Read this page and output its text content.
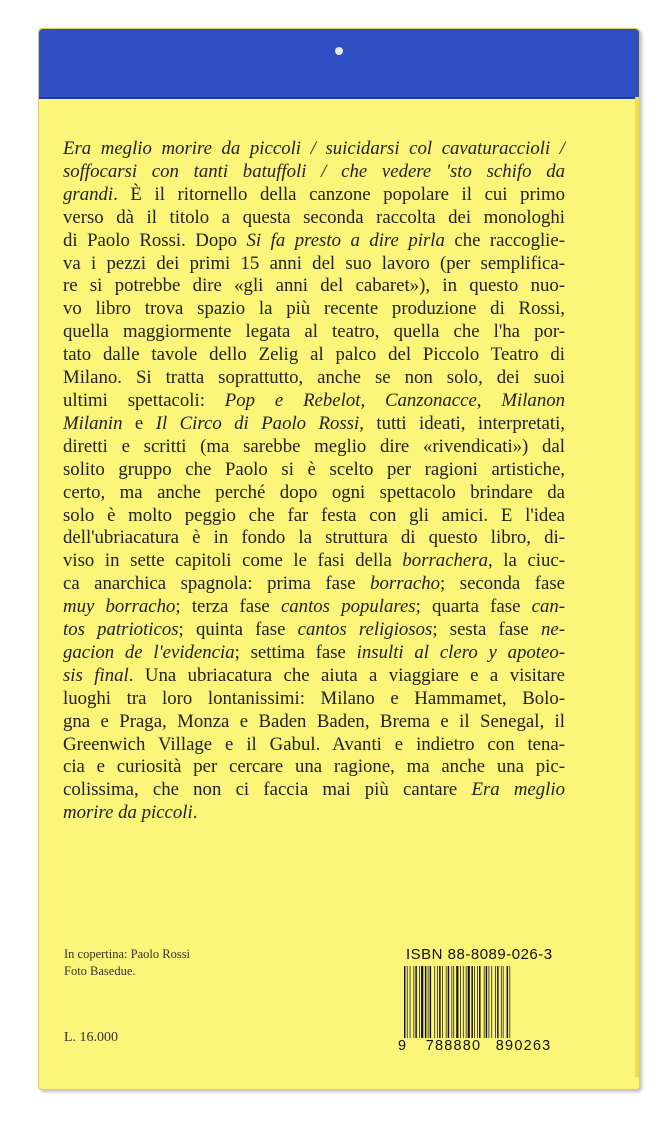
Era meglio morire da piccoli / suicidarsi col cavaturaccioli /
soffocarsi con tanti batuffoli / che vedere 'sto schifo da
grandi. È il ritornello della canzone popolare il cui primo
verso dà il titolo a questa seconda raccolta dei monologhi
di Paolo Rossi. Dopo Si fa presto a dire pirla che raccoglie-
va i pezzi dei primi 15 anni del suo lavoro (per semplifica-
re si potrebbe dire «gli anni del cabaret»), in questo nuo-
vo libro trova spazio la più recente produzione di Rossi,
quella maggiormente legata al teatro, quella che l'ha por-
tato dalle tavole dello Zelig al palco del Piccolo Teatro di
Milano. Si tratta soprattutto, anche se non solo, dei suoi
ultimi spettacoli: Pop e Rebelot, Canzonacce, Milanon
Milanin e Il Circo di Paolo Rossi, tutti ideati, interpretati,
diretti e scritti (ma sarebbe meglio dire «rivendicati») dal
solito gruppo che Paolo si è scelto per ragioni artistiche,
certo, ma anche perché dopo ogni spettacolo brindare da
solo è molto peggio che far festa con gli amici. E l'idea
dell'ubriacatura è in fondo la struttura di questo libro, di-
viso in sette capitoli come le fasi della borrachera, la ciuc-
ca anarchica spagnola: prima fase borracho; seconda fase
muy borracho; terza fase cantos populares; quarta fase can-
tos patrioticos; quinta fase cantos religiosos; sesta fase ne-
gacion de l'evidencia; settima fase insulti al clero y apoteo-
sis final. Una ubriacatura che aiuta a viaggiare e a visitare
luoghi tra loro lontanissimi: Milano e Hammamet, Bolo-
gna e Praga, Monza e Baden Baden, Brema e il Senegal, il
Greenwich Village e il Gabul. Avanti e indietro con tena-
cia e curiosità per cercare una ragione, ma anche una pic-
colissima, che non ci faccia mai più cantare Era meglio
morire da piccoli.
In copertina: Paolo Rossi
Foto Basedue.
ISBN 88-8089-026-3
9 788880 890263
L. 16.000
